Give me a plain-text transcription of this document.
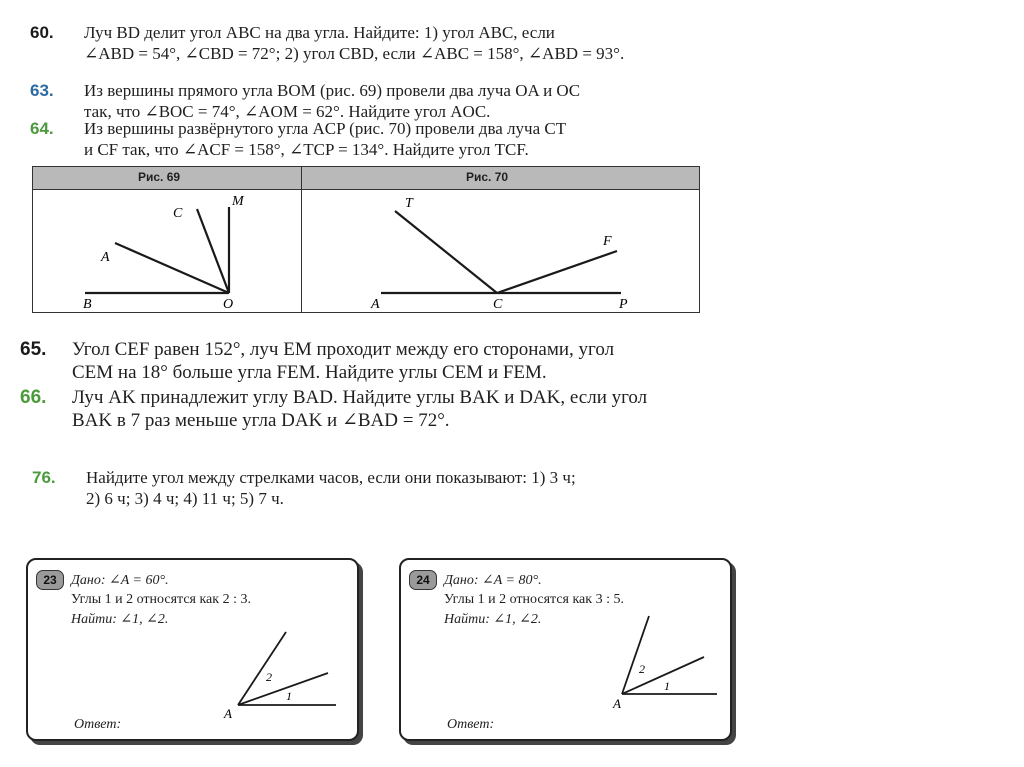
60. Луч BD делит угол ABC на два угла. Найдите: 1) угол ABC, если
∠ABD = 54°, ∠CBD = 72°; 2) угол CBD, если ∠ABC = 158°, ∠ABD = 93°.
63. Из вершины прямого угла BOM (рис. 69) провели два луча OA и OC
так, что ∠BOC = 74°, ∠AOM = 62°. Найдите угол AOC.
64. Из вершины развёрнутого угла ACP (рис. 70) провели два луча CT
и CF так, что ∠ACF = 158°, ∠TCP = 134°. Найдите угол TCF.
Рис. 69	Рис. 70
B	O
A
C
M
A	C	P
T
F
65. Угол CEF равен 152°, луч EM проходит между его сторонами, угол
CEM на 18° больше угла FEM. Найдите углы CEM и FEM.
66. Луч AK принадлежит углу BAD. Найдите углы BAK и DAK, если угол
BAK в 7 раз меньше угла DAK и ∠BAD = 72°.
76. Найдите угол между стрелками часов, если они показывают: 1) 3 ч;
2) 6 ч; 3) 4 ч; 4) 11 ч; 5) 7 ч.
23	Дано: ∠A = 60°.
Углы 1 и 2 относятся как 2 : 3.
Найти: ∠1, ∠2.
Ответ:
A
1
2
24	Дано: ∠A = 80°.
Углы 1 и 2 относятся как 3 : 5.
Найти: ∠1, ∠2.
Ответ:
A
1
2
